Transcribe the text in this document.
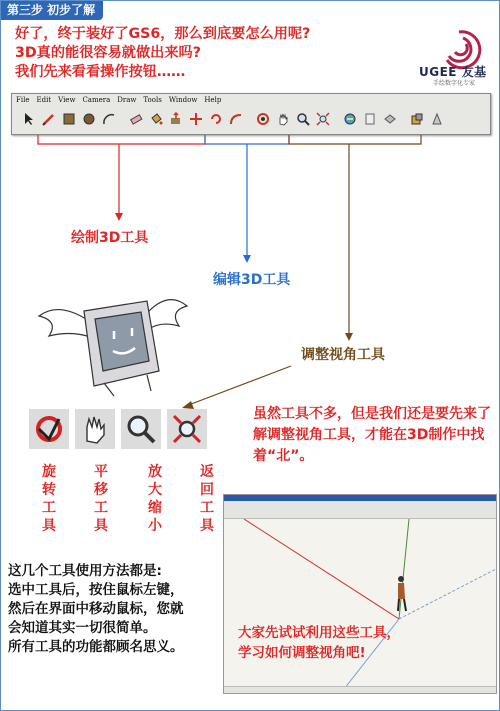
第三步 初步了解
好了，终于装好了GS6，那么到底要怎么用呢?
3D真的能很容易就做出来吗?
我们先来看看操作按钮……	UGEE 友基
手绘数字化专家
File Edit View Camera Draw Tools Window Help
绘制3D工具
编辑3D工具
调整视角工具
虽然工具不多，但是我们还是要先来了解调整视角工具，才能在3D制作中找着“北”。
旋转工具
平移工具
放大缩小
返回工具
这几个工具使用方法都是:
选中工具后，按住鼠标左键，
然后在界面中移动鼠标，您就
会知道其实一切很简单。
所有工具的功能都顾名思义。
大家先试试利用这些工具，
学习如何调整视角吧!
